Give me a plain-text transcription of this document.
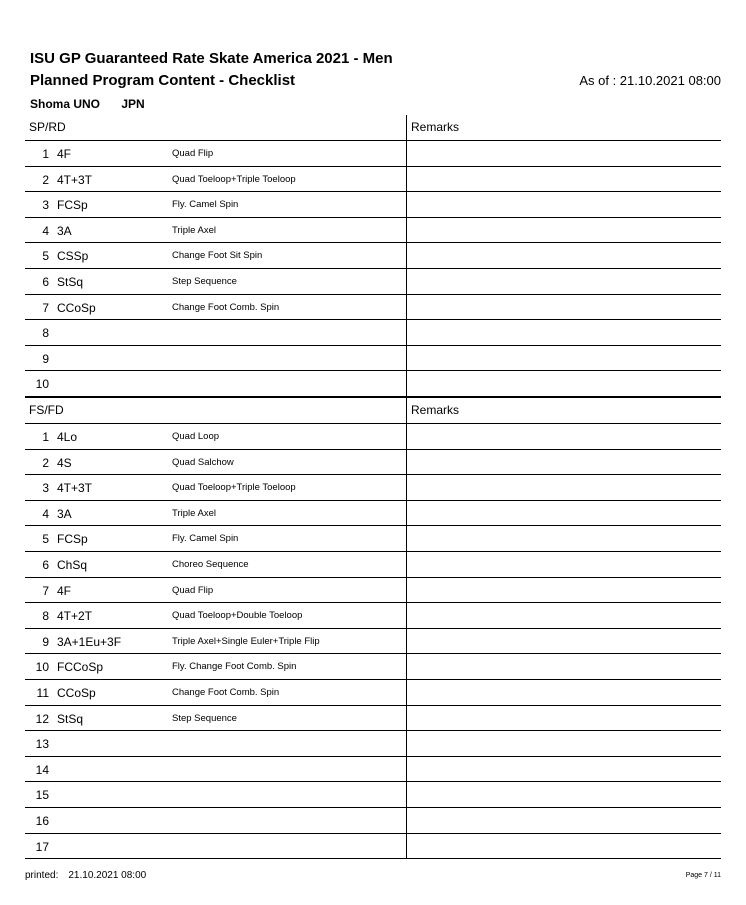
ISU GP Guaranteed Rate Skate America 2021 - Men
Planned Program Content - Checklist	As of : 21.10.2021 08:00
Shoma UNO JPN
SP/RD	Remarks
1 4F	Quad Flip
2 4T+3T	Quad Toeloop+Triple Toeloop
3 FCSp	Fly. Camel Spin
4 3A	Triple Axel
5 CSSp	Change Foot Sit Spin
6 StSq	Step Sequence
7 CCoSp	Change Foot Comb. Spin
8
9
10
FS/FD	Remarks
1 4Lo	Quad Loop
2 4S	Quad Salchow
3 4T+3T	Quad Toeloop+Triple Toeloop
4 3A	Triple Axel
5 FCSp	Fly. Camel Spin
6 ChSq	Choreo Sequence
7 4F	Quad Flip
8 4T+2T	Quad Toeloop+Double Toeloop
9 3A+1Eu+3F	Triple Axel+Single Euler+Triple Flip
10 FCCoSp	Fly. Change Foot Comb. Spin
11 CCoSp	Change Foot Comb. Spin
12 StSq	Step Sequence
13
14
15
16
17
printed: 21.10.2021 08:00	Page 7 / 11
